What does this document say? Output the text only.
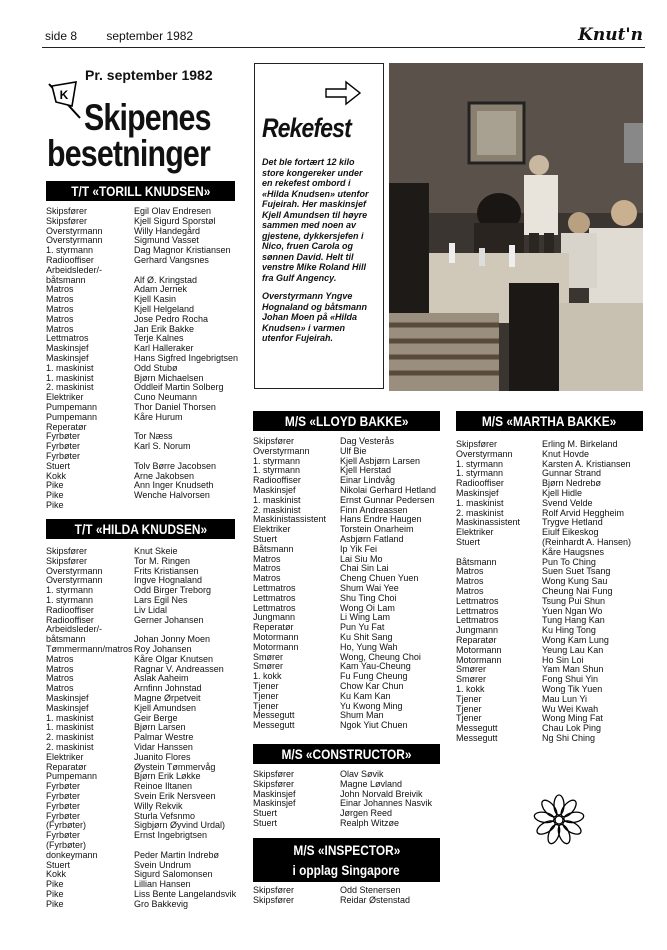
side 8 september 1982	Knut'n
Pr. september 1982
K
Skipenes
besetninger
T/T «TORILL KNUDSEN»
Skipsfører	Egil Olav Endresen
Skipsfører	Kjell Sigurd Sporstøl
Overstyrmann	Willy Handegård
Overstyrmann	Sigmund Vasset
1. styrmann	Dag Magnor Kristiansen
Radiooffiser	Gerhard Vangsnes
Arbeidsleder/-
båtsmann	Alf Ø. Kringstad
Matros	Adam Jernek
Matros	Kjell Kasin
Matros	Kjell Helgeland
Matros	Jose Pedro Rocha
Matros	Jan Erik Bakke
Lettmatros	Terje Kalnes
Maskinsjef	Karl Halleraker
Maskinsjef	Hans Sigfred Ingebrigtsen
1. maskinist	Odd Stubø
1. maskinist	Bjørn Michaelsen
2. maskinist	Oddleif Martin Solberg
Elektriker	Cuno Neumann
Pumpemann	Thor Daniel Thorsen
Pumpemann	Kåre Hurum
Reperatør
Fyrbøter	Tor Næss
Fyrbøter	Karl S. Norum
Fyrbøter
Stuert	Tolv Børre Jacobsen
Kokk	Arne Jakobsen
Pike	Ann Inger Knudseth
Pike	Wenche Halvorsen
Pike
T/T «HILDA KNUDSEN»
Skipsfører	Knut Skeie
Skipsfører	Tor M. Ringen
Overstyrmann	Frits Kristiansen
Overstyrmann	Ingve Hognaland
1. styrmann	Odd Birger Treborg
1. styrmann	Lars Egil Nes
Radiooffiser	Liv Lidal
Radiooffiser	Gerner Johansen
Arbeidsleder/-
båtsmann	Johan Jonny Moen
Tømmermann/matros Roy Johansen
Matros	Kåre Olgar Knutsen
Matros	Ragnar V. Andreassen
Matros	Aslak Aaheim
Matros	Arnfinn Johnstad
Maskinsjef	Magne Ørpetveit
Maskinsjef	Kjell Amundsen
1. maskinist	Geir Berge
1. maskinist	Bjørn Larsen
2. maskinist	Palmar Westre
2. maskinist	Vidar Hanssen
Elektriker	Juanito Flores
Reparatør	Øystein Tømmervåg
Pumpemann	Bjørn Erik Løkke
Fyrbøter	Reinoe Iltanen
Fyrbøter	Svein Erik Nersveen
Fyrbøter	Willy Rekvik
Fyrbøter	Sturla Vefsnmo
(Fyrbøter)	Sigbjørn Øyvind Urdal)
Fyrbøter	Ernst Ingebrigtsen
(Fyrbøter)
donkeymann	Peder Martin Indrebø
Stuert	Svein Undrum
Kokk	Sigurd Salomonsen
Pike	Lillian Hansen
Pike	Liss Bente Langelandsvik
Pike	Gro Bakkevig
Rekefest

Det ble fortært 12 kilo store kongereker under en rekefest ombord i «Hilda Knudsen» utenfor Fujeirah. Her maskinsjef Kjell Amundsen til høyre sammen med noen av gjestene, dykkersjefen i Nico, fruen Carola og sønnen David. Helt til venstre Mike Roland Hill fra Gulf Angency.

Overstyrmann Yngve Hognaland og båtsmann Johan Moen på «Hilda Knudsen» i varmen utenfor Fujeirah.

M/S «LLOYD BAKKE»
Skipsfører	Dag Vesterås
Overstyrmann	Ulf Bie
1. styrmann	Kjell Asbjørn Larsen
1. styrmann	Kjell Herstad
Radiooffiser	Einar Lindvåg
Maskinsjef	Nikolai Gerhard Hetland
1. maskinist	Ernst Gunnar Pedersen
2. maskinist	Finn Andreassen
Maskinistassistent	Hans Endre Haugen
Elektriker	Torstein Onarheim
Stuert	Asbjørn Fatland
Båtsmann	Ip Yik Fei
Matros	Lai Siu Mo
Matros	Chai Sin Lai
Matros	Cheng Chuen Yuen
Lettmatros	Shum Wai Yee
Lettmatros	Shu Ting Choi
Lettmatros	Wong Oi Lam
Jungmann	Li Wing Lam
Reperatør	Pun Yu Fat
Motormann	Ku Shit Sang
Motormann	Ho, Yung Wah
Smører	Wong, Cheung Choi
Smører	Kam Yau-Cheung
1. kokk	Fu Fung Cheung
Tjener	Chow Kar Chun
Tjener	Ku Kam Kan
Tjener	Yu Kwong Ming
Messegutt	Shum Man
Messegutt	Ngok Yiut Chuen
M/S «CONSTRUCTOR»
Skipsfører	Olav Søvik
Skipsfører	Magne Løvland
Maskinsjef	John Norvald Breivik
Maskinsjef	Einar Johannes Nasvik
Stuert	Jørgen Reed
Stuert	Realph Witzøe
M/S «INSPECTOR»
i opplag Singapore
Skipsfører	Odd Stenersen
Skipsfører	Reidar Østenstad
M/S «MARTHA BAKKE»
Skipsfører	Erling M. Birkeland
Overstyrmann	Knut Hovde
1. styrmann	Karsten A. Kristiansen
1. styrmann	Gunnar Strand
Radiooffiser	Bjørn Nedrebø
Maskinsjef	Kjell Hidle
1. maskinist	Svend Velde
2. maskinist	Rolf Arvid Heggheim
Maskinassistent	Trygve Hetland
Elektriker	Eiulf Eikeskog
Stuert	(Reinhardt A. Hansen)
Kåre Haugsnes
Båtsmann	Pun To Ching
Matros	Suen Suet Tsang
Matros	Wong Kung Sau
Matros	Cheung Nai Fung
Lettmatros	Tsung Pui Shun
Lettmatros	Yuen Ngan Wo
Lettmatros	Tung Hang Kan
Jungmann	Ku Hing Tong
Reparatør	Wong Kam Lung
Motormann	Yeung Lau Kan
Motormann	Ho Sin Loi
Smører	Yam Man Shun
Smører	Fong Shui Yin
1. kokk	Wong Tik Yuen
Tjener	Mau Lun Yi
Tjener	Wu Wei Kwah
Tjener	Wong Ming Fat
Messegutt	Chau Lok Ping
Messegutt	Ng Shi Ching
